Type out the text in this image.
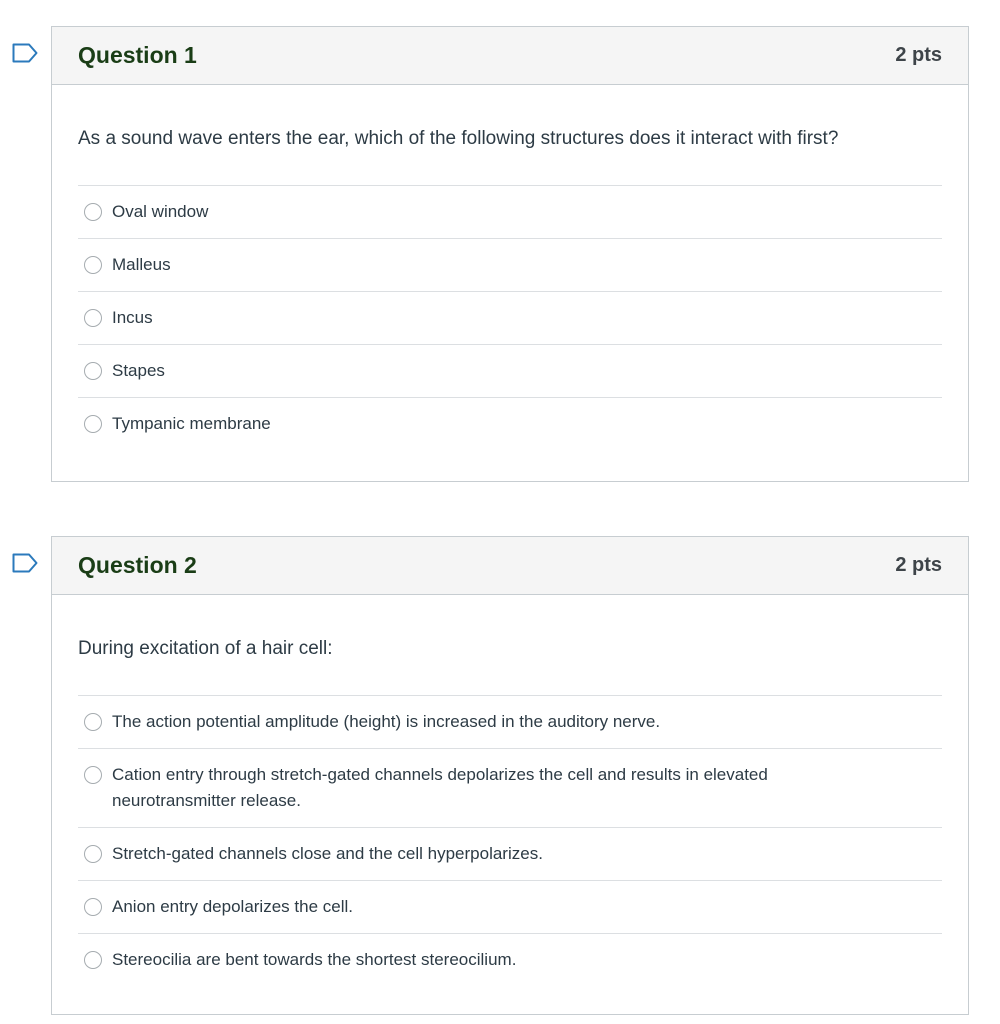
Question 1	2 pts
As a sound wave enters the ear, which of the following structures does it interact with first?
Oval window
Malleus
Incus
Stapes
Tympanic membrane
Question 2	2 pts
During excitation of a hair cell:
The action potential amplitude (height) is increased in the auditory nerve.
Cation entry through stretch-gated channels depolarizes the cell and results in elevated neurotransmitter release.
Stretch-gated channels close and the cell hyperpolarizes.
Anion entry depolarizes the cell.
Stereocilia are bent towards the shortest stereocilium.
